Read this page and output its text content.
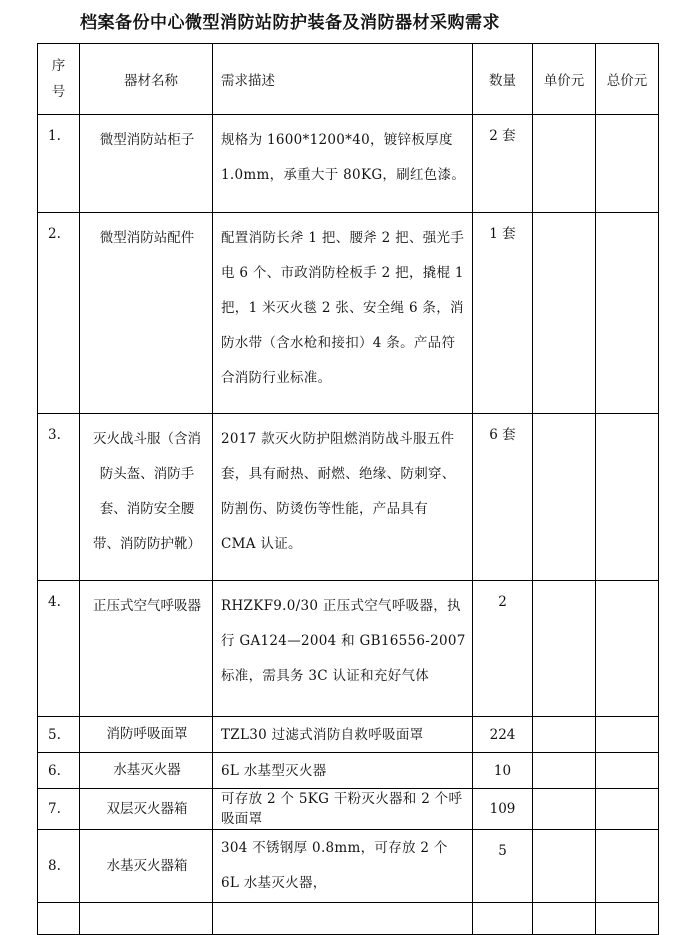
档案备份中心微型消防站防护装备及消防器材采购需求
序
号	器材名称	需求描述	数量	单价元	总价元
1.	微型消防站柜子	规格为 1600*1200*40，镀锌板厚度 1.0mm，承重大于 80KG，刷红色漆。	2 套		
2.	微型消防站配件	配置消防长斧 1 把、腰斧 2 把、强光手电 6 个、市政消防栓板手 2 把，撬棍 1 把，1 米灭火毯 2 张、安全绳 6 条，消防水带（含水枪和接扣）4 条。产品符合消防行业标准。	1 套		
3.	灭火战斗服（含消防头盔、消防手套、消防安全腰带、消防防护靴）	2017 款灭火防护阻燃消防战斗服五件套，具有耐热、耐燃、绝缘、防刺穿、防割伤、防烫伤等性能，产品具有 CMA 认证。	6 套		
4.	正压式空气呼吸器	RHZKF9.0/30 正压式空气呼吸器，执行 GA124—2004 和 GB16556-2007 标准，需具务 3C 认证和充好气体	2		
5.	消防呼吸面罩	TZL30 过滤式消防自救呼吸面罩	224		
6.	水基灭火器	6L 水基型灭火器	10		
7.	双层灭火器箱	可存放 2 个 5KG 干粉灭火器和 2 个呼吸面罩	109		
8.	水基灭火器箱	304 不锈钢厚 0.8mm，可存放 2 个 6L 水基灭火器，	5		
